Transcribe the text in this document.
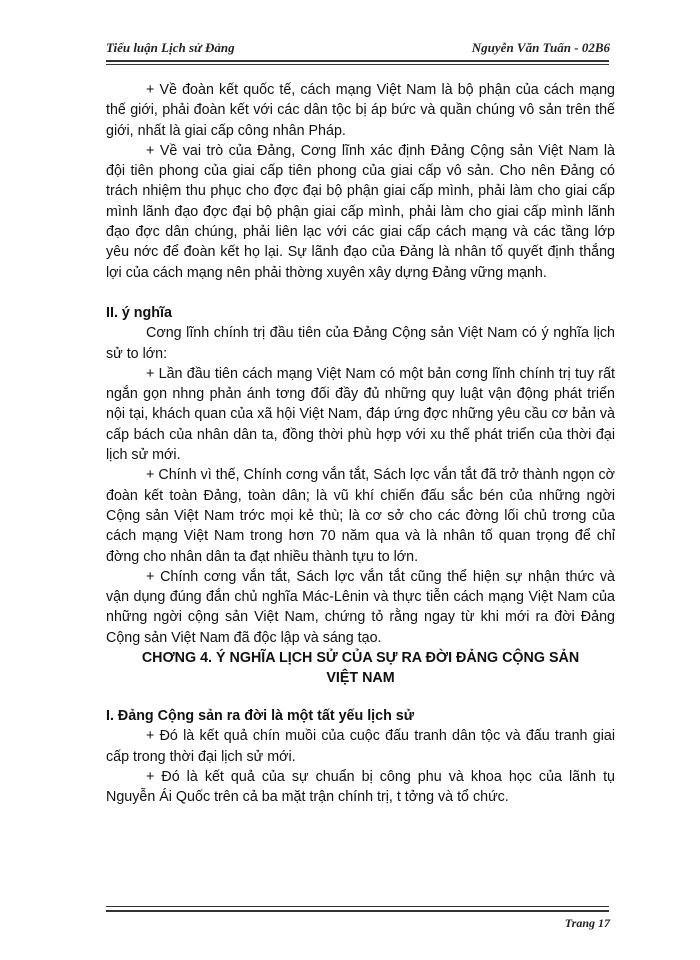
Tiểu luận Lịch sử Đảng	Nguyễn Văn Tuấn - 02B6

+ Về đoàn kết quốc tế, cách mạng Việt Nam là bộ phận của cách mạng thế giới, phải đoàn kết với các dân tộc bị áp bức và quần chúng vô sản trên thế giới, nhất là giai cấp công nhân Pháp.

+ Về vai trò của Đảng, Cơng lĩnh xác định Đảng Cộng sản Việt Nam là đội tiên phong của giai cấp tiên phong của giai cấp vô sản. Cho nên Đảng có trách nhiệm thu phục cho đợc đại bộ phận giai cấp mình, phải làm cho giai cấp mình lãnh đạo đợc đại bộ phận giai cấp mình, phải làm cho giai cấp mình lãnh đạo đợc dân chúng, phải liên lạc với các giai cấp cách mạng và các tầng lớp yêu nớc để đoàn kết họ lại. Sự lãnh đạo của Đảng là nhân tố quyết định thắng lợi của cách mạng nên phải thờng xuyên xây dựng Đảng vững mạnh.

II. ý nghĩa

Cơng lĩnh chính trị đầu tiên của Đảng Cộng sản Việt Nam có ý nghĩa lịch sử to lớn:

+ Lần đầu tiên cách mạng Việt Nam có một bản cơng lĩnh chính trị tuy rất ngắn gọn nhng phản ánh tơng đối đầy đủ những quy luật vận động phát triển nội tại, khách quan của xã hội Việt Nam, đáp ứng đợc những yêu cầu cơ bản và cấp bách của nhân dân ta, đồng thời phù hợp với xu thế phát triển của thời đại lịch sử mới.

+ Chính vì thế, Chính cơng vắn tắt, Sách lợc vắn tắt đã trở thành ngọn cờ đoàn kết toàn Đảng, toàn dân; là vũ khí chiến đấu sắc bén của những ngời Cộng sản Việt Nam trớc mọi kẻ thù; là cơ sở cho các đờng lối chủ trơng của cách mạng Việt Nam trong hơn 70 năm qua và là nhân tố quan trọng để chỉ đờng cho nhân dân ta đạt nhiều thành tựu to lớn.

+ Chính cơng vắn tắt, Sách lợc vắn tắt cũng thể hiện sự nhận thức và vận dụng đúng đắn chủ nghĩa Mác-Lênin và thực tiễn cách mạng Việt Nam của những ngời cộng sản Việt Nam, chứng tỏ rằng ngay từ khi mới ra đời Đảng Cộng sản Việt Nam đã độc lập và sáng tạo.

CHƠNG 4. Ý NGHĨA LỊCH SỬ CỦA SỰ RA ĐỜI ĐẢNG CỘNG SẢN
VIỆT NAM
I. Đảng Cộng sản ra đời là một tất yếu lịch sử

+ Đó là kết quả chín muồi của cuộc đấu tranh dân tộc và đấu tranh giai cấp trong thời đại lịch sử mới.

+ Đó là kết quả của sự chuẩn bị công phu và khoa học của lãnh tụ Nguyễn Ái Quốc trên cả ba mặt trận chính trị, t tởng và tổ chức.

Trang 17
